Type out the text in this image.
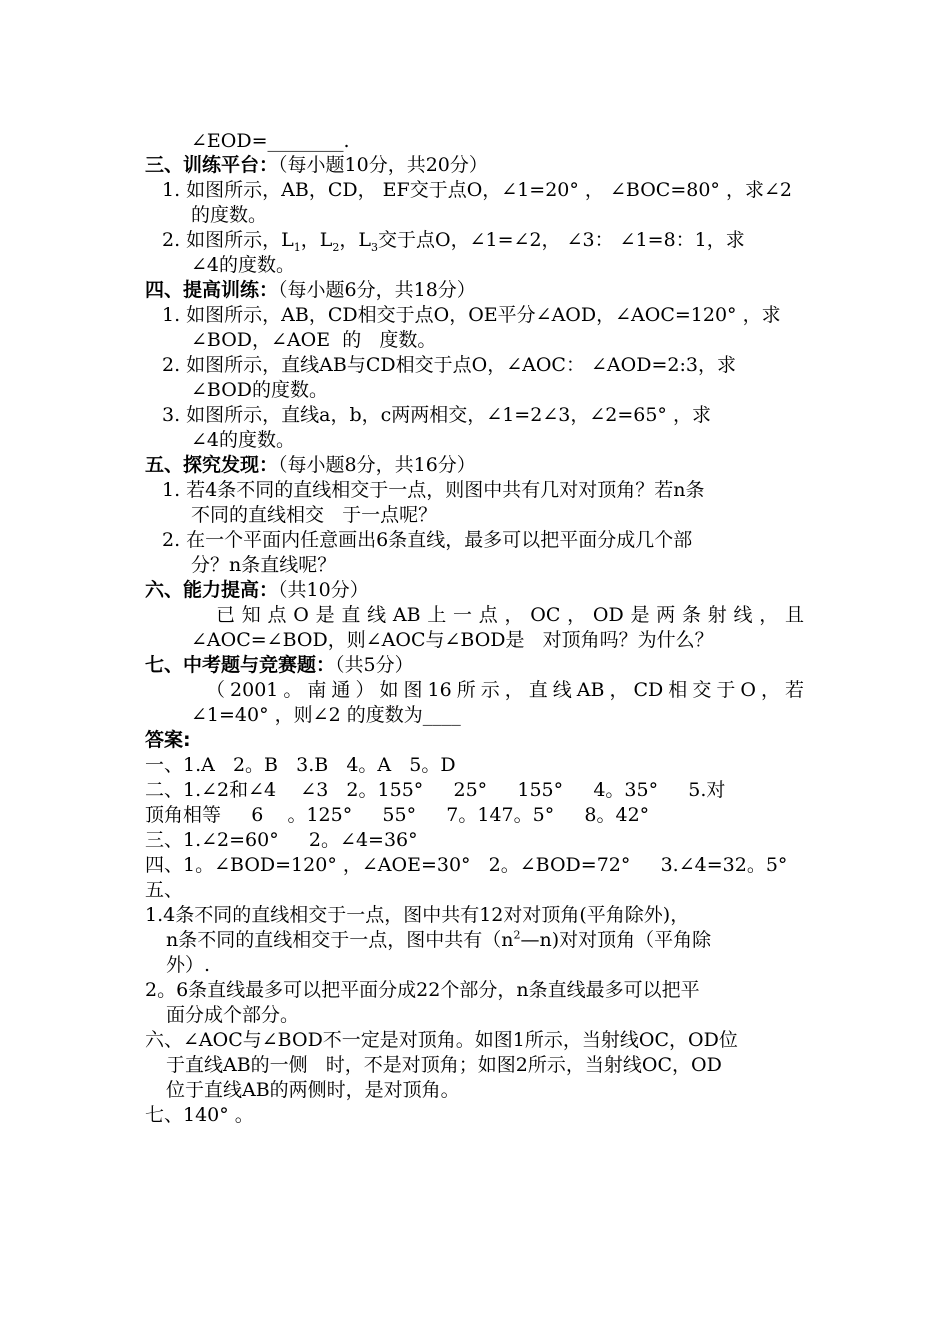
∠EOD=________.
三、训练平台：（每小题10分，共20分）
1. 如图所示，AB，CD， EF交于点O，∠1=20° ， ∠BOC=80° ，求∠2
的度数。
2. 如图所示，$L_1$，$L_2$，$L_3$交于点O，∠1=∠2， ∠3： ∠1=8：1，求
∠4的度数。
四、提高训练：（每小题6分，共18分）
1. 如图所示，AB，CD相交于点O，OE平分∠AOD，∠AOC=120° ，求
∠BOD，∠AOE  的   度数。
2. 如图所示，直线AB与CD相交于点O，∠AOC： ∠AOD=2:3，求
∠BOD的度数。
3. 如图所示，直线a，b，c两两相交，∠1=2∠3，∠2=65° ，求
∠4的度数。
五、探究发现：（每小题8分，共16分）
1. 若4条不同的直线相交于一点，则图中共有几对对顶角？若n条
不同的直线相交   于一点呢？
2. 在一个平面内任意画出6条直线，最多可以把平面分成几个部
分？n条直线呢？
六、能力提高：（共10分）
已知点O是直线AB上一点，OC，OD是两条射线，且
∠AOC=∠BOD，则∠AOC与∠BOD是   对顶角吗？为什么？
七、中考题与竞赛题：（共5分）
（2001。南通）如图16所示，直线AB，CD相交于O，若
∠1=40° ，则∠2 的度数为____
答案:
一、1.A   2。B   3.B   4。A   5。D
二、1.∠2和∠4    ∠3   2。155°     25°     155°     4。35°     5.对
顶角相等     6    。125°     55°     7。147。5°     8。42°
三、1.∠2=60°     2。∠4=36°
四、1。∠BOD=120° ，∠AOE=30°   2。∠BOD=72°     3.∠4=32。5°
五、
1.4条不同的直线相交于一点，图中共有12对对顶角(平角除外)，
n条不同的直线相交于一点，图中共有$(n^2—n)$对对顶角（平角除
外）.
2。6条直线最多可以把平面分成22个部分，n条直线最多可以把平
面分成个部分。
六、∠AOC与∠BOD不一定是对顶角。如图1所示，当射线OC，OD位
于直线AB的一侧   时，不是对顶角；如图2所示，当射线OC，OD
位于直线AB的两侧时，是对顶角。
七、140° 。
